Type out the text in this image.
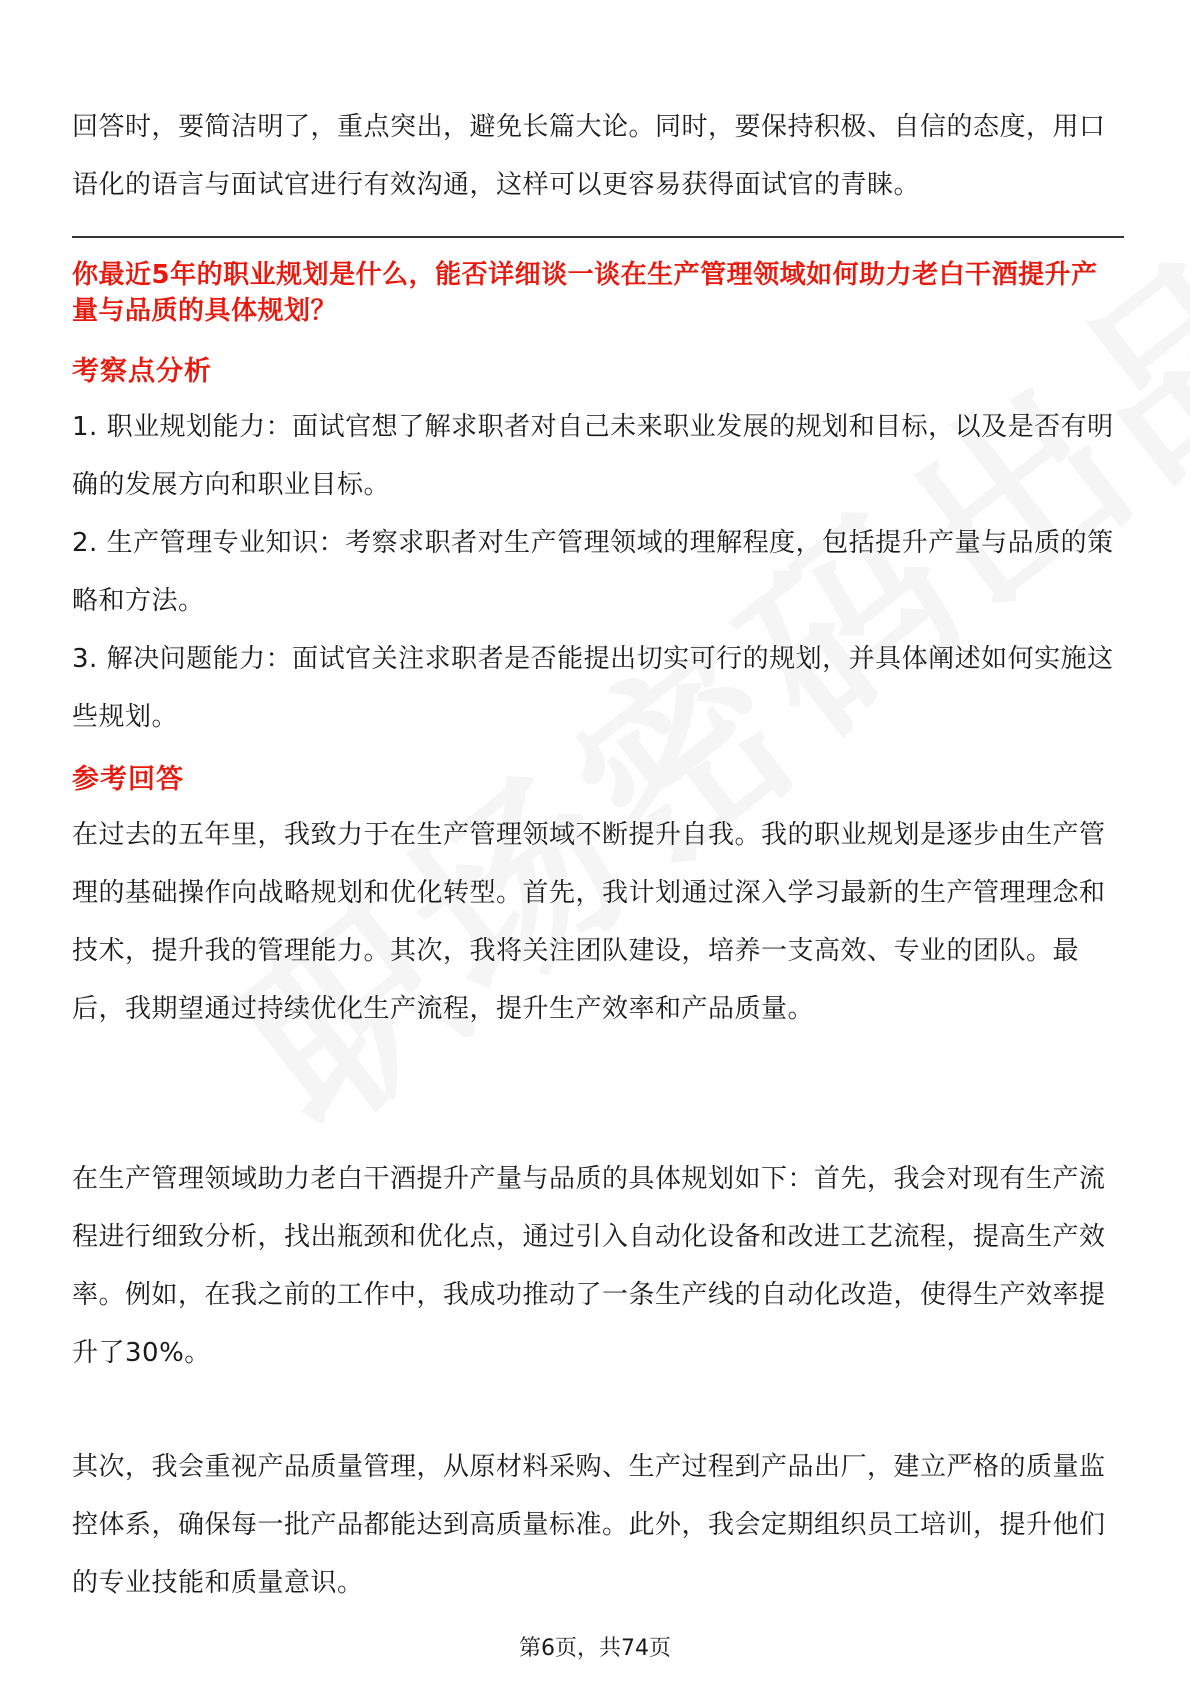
回答时，要简洁明了，重点突出，避免长篇大论。同时，要保持积极、自信的态度，用口语化的语言与面试官进行有效沟通，这样可以更容易获得面试官的青睐。

你最近5年的职业规划是什么，能否详细谈一谈在生产管理领域如何助力老白干酒提升产量与品质的具体规划？

考察点分析

1. 职业规划能力：面试官想了解求职者对自己未来职业发展的规划和目标，以及是否有明确的发展方向和职业目标。

2. 生产管理专业知识：考察求职者对生产管理领域的理解程度，包括提升产量与品质的策略和方法。

3. 解决问题能力：面试官关注求职者是否能提出切实可行的规划，并具体阐述如何实施这些规划。

参考回答

在过去的五年里，我致力于在生产管理领域不断提升自我。我的职业规划是逐步由生产管理的基础操作向战略规划和优化转型。首先，我计划通过深入学习最新的生产管理理念和技术，提升我的管理能力。其次，我将关注团队建设，培养一支高效、专业的团队。最后，我期望通过持续优化生产流程，提升生产效率和产品质量。

在生产管理领域助力老白干酒提升产量与品质的具体规划如下：首先，我会对现有生产流程进行细致分析，找出瓶颈和优化点，通过引入自动化设备和改进工艺流程，提高生产效率。例如，在我之前的工作中，我成功推动了一条生产线的自动化改造，使得生产效率提升了30%。

其次，我会重视产品质量管理，从原材料采购、生产过程到产品出厂，建立严格的质量监控体系，确保每一批产品都能达到高质量标准。此外，我会定期组织员工培训，提升他们的专业技能和质量意识。

第6页，共74页
